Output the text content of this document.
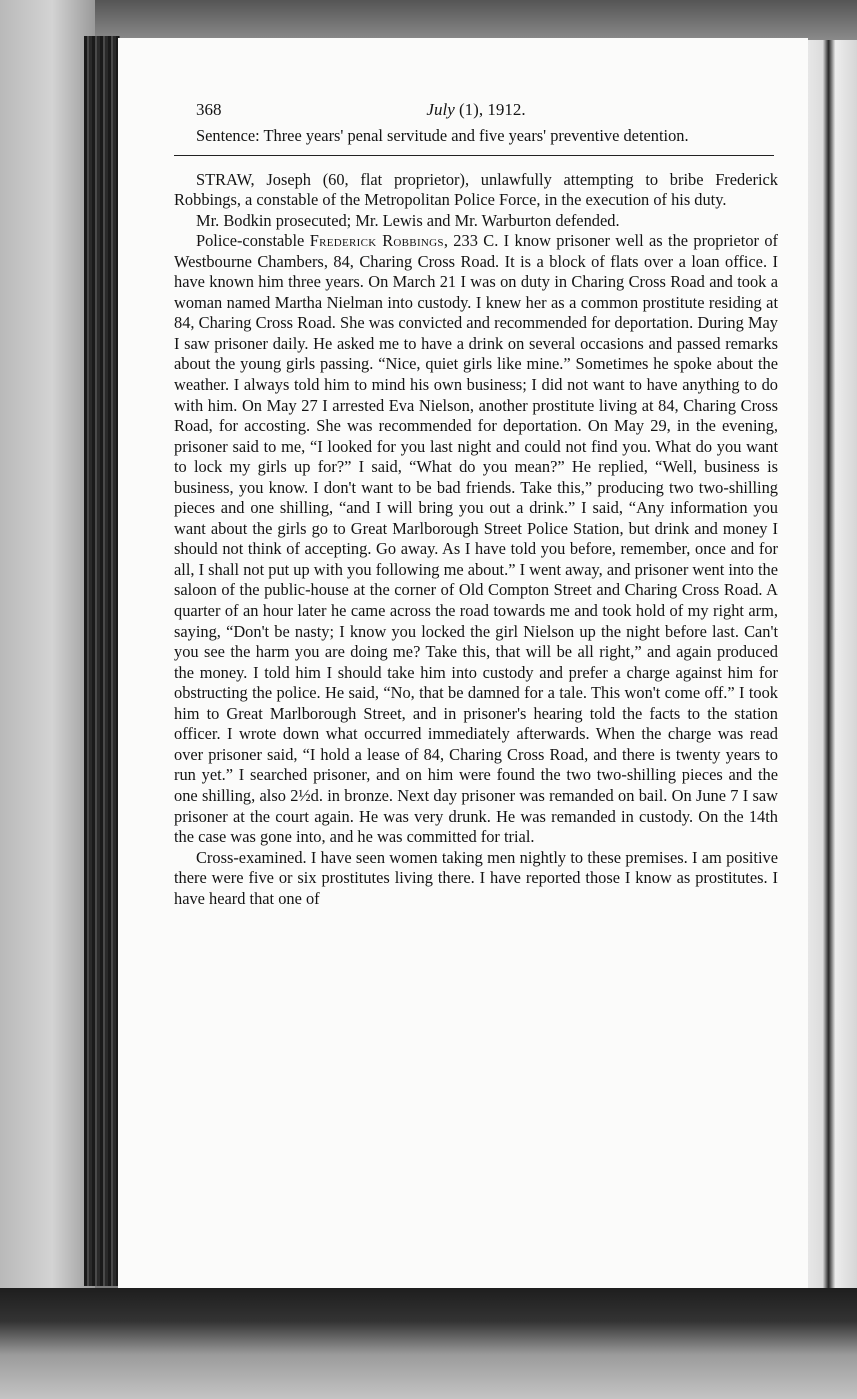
368	July (1), 1912.

Sentence: Three years' penal servitude and five years' preventive detention.

STRAW, Joseph (60, flat proprietor), unlawfully attempting to bribe Frederick Robbings, a constable of the Metropolitan Police Force, in the execution of his duty.

Mr. Bodkin prosecuted; Mr. Lewis and Mr. Warburton defended.

Police-constable Frederick Robbings, 233 C. I know prisoner well as the proprietor of Westbourne Chambers, 84, Charing Cross Road. It is a block of flats over a loan office. I have known him three years. On March 21 I was on duty in Charing Cross Road and took a woman named Martha Nielman into custody. I knew her as a common prostitute residing at 84, Charing Cross Road. She was convicted and recommended for deportation. During May I saw prisoner daily. He asked me to have a drink on several occasions and passed remarks about the young girls passing. “Nice, quiet girls like mine.” Sometimes he spoke about the weather. I always told him to mind his own business; I did not want to have anything to do with him. On May 27 I arrested Eva Nielson, another prostitute living at 84, Charing Cross Road, for accosting. She was recommended for deportation. On May 29, in the evening, prisoner said to me, “I looked for you last night and could not find you. What do you want to lock my girls up for?” I said, “What do you mean?” He replied, “Well, business is business, you know. I don't want to be bad friends. Take this,” producing two two-shilling pieces and one shilling, “and I will bring you out a drink.” I said, “Any information you want about the girls go to Great Marlborough Street Police Station, but drink and money I should not think of accepting. Go away. As I have told you before, remember, once and for all, I shall not put up with you following me about.” I went away, and prisoner went into the saloon of the public-house at the corner of Old Compton Street and Charing Cross Road. A quarter of an hour later he came across the road towards me and took hold of my right arm, saying, “Don't be nasty; I know you locked the girl Nielson up the night before last. Can't you see the harm you are doing me? Take this, that will be all right,” and again produced the money. I told him I should take him into custody and prefer a charge against him for obstructing the police. He said, “No, that be damned for a tale. This won't come off.” I took him to Great Marlborough Street, and in prisoner's hearing told the facts to the station officer. I wrote down what occurred immediately afterwards. When the charge was read over prisoner said, “I hold a lease of 84, Charing Cross Road, and there is twenty years to run yet.” I searched prisoner, and on him were found the two two-shilling pieces and the one shilling, also 2½d. in bronze. Next day prisoner was remanded on bail. On June 7 I saw prisoner at the court again. He was very drunk. He was remanded in custody. On the 14th the case was gone into, and he was committed for trial.

Cross-examined. I have seen women taking men nightly to these premises. I am positive there were five or six prostitutes living there. I have reported those I know as prostitutes. I have heard that one of
